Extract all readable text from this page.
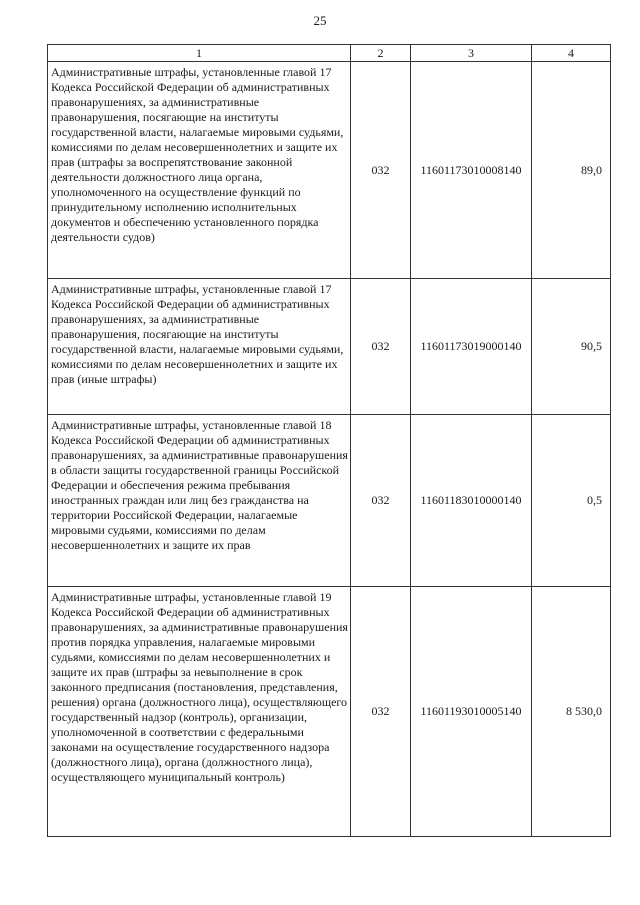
25
1	2	3	4
Административные штрафы, установленные главой 17 Кодекса Российской Федерации об административных правонарушениях, за административные правонарушения, посягающие на институты государственной власти, налагаемые мировыми судьями, комиссиями по делам несовершеннолетних и защите их прав (штрафы за воспрепятствование законной деятельности должностного лица органа, уполномоченного на осуществление функций по принудительному исполнению исполнительных документов и обеспечению установленного порядка деятельности судов)	032	11601173010008140	89,0
Административные штрафы, установленные главой 17 Кодекса Российской Федерации об административных правонарушениях, за административные правонарушения, посягающие на институты государственной власти, налагаемые мировыми судьями, комиссиями по делам несовершеннолетних и защите их прав (иные штрафы)	032	11601173019000140	90,5
Административные штрафы, установленные главой 18 Кодекса Российской Федерации об административных правонарушениях, за административные правонарушения в области защиты государственной границы Российской Федерации и обеспечения режима пребывания иностранных граждан или лиц без гражданства на территории Российской Федерации, налагаемые мировыми судьями, комиссиями по делам несовершеннолетних и защите их прав	032	11601183010000140	0,5
Административные штрафы, установленные главой 19 Кодекса Российской Федерации об административных правонарушениях, за административные правонарушения против порядка управления, налагаемые мировыми судьями, комиссиями по делам несовершеннолетних и защите их прав (штрафы за невыполнение в срок законного предписания (постановления, представления, решения) органа (должностного лица), осуществляющего государственный надзор (контроль), организации, уполномоченной в соответствии с федеральными законами на осуществление государственного надзора (должностного лица), органа (должностного лица), осуществляющего муниципальный контроль)	032	11601193010005140	8 530,0
